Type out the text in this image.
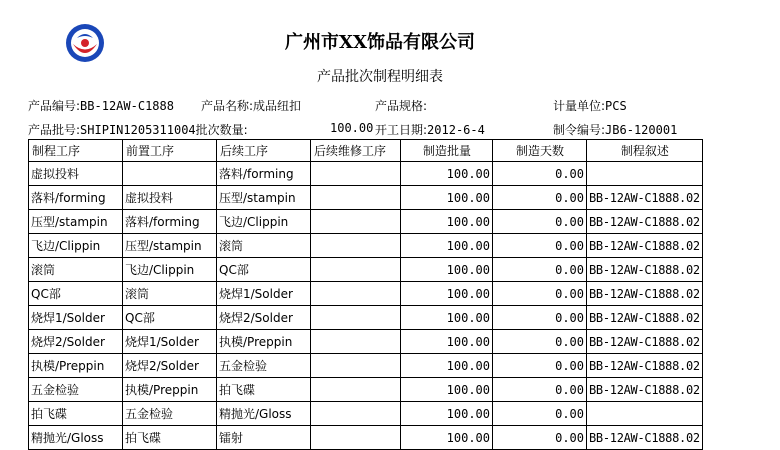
广州市XX饰品有限公司
产品批次制程明细表
产品编号:BB-12AW-C1888 产品名称:成品纽扣	产品规格:	计量单位:PCS
产品批号:SHIPIN1205311004批次数量:	100.00 开工日期:2012-6-4	制令编号:JB6-120001
制程工序	前置工序	后续工序	后续维修工序	制造批量	制造天数	制程叙述
虚拟投料		落料/forming		100.00	0.00	
落料/forming	虚拟投料	压型/stampin		100.00	0.00	BB-12AW-C1888.02
压型/stampin	落料/forming	飞边/Clippin		100.00	0.00	BB-12AW-C1888.02
飞边/Clippin	压型/stampin	滚筒		100.00	0.00	BB-12AW-C1888.02
滚筒	飞边/Clippin	QC部		100.00	0.00	BB-12AW-C1888.02
QC部	滚筒	烧焊1/Solder		100.00	0.00	BB-12AW-C1888.02
烧焊1/Solder	QC部	烧焊2/Solder		100.00	0.00	BB-12AW-C1888.02
烧焊2/Solder	烧焊1/Solder	执模/Preppin		100.00	0.00	BB-12AW-C1888.02
执模/Preppin	烧焊2/Solder	五金检验		100.00	0.00	BB-12AW-C1888.02
五金检验	执模/Preppin	拍飞碟		100.00	0.00	BB-12AW-C1888.02
拍飞碟	五金检验	精抛光/Gloss		100.00	0.00	
精抛光/Gloss	拍飞碟	镭射		100.00	0.00	BB-12AW-C1888.02
